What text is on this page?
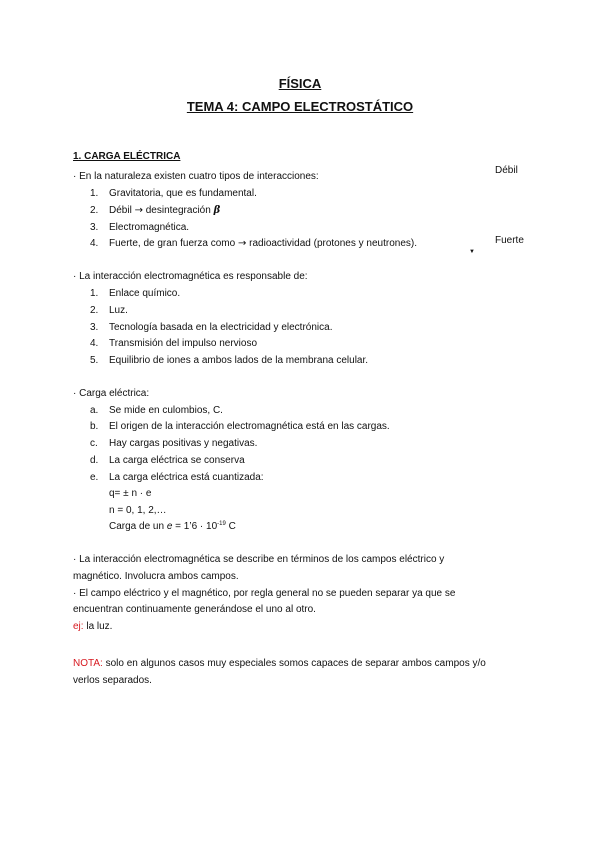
FÍSICA
TEMA 4: CAMPO ELECTROSTÁTICO
1. CARGA ELÉCTRICA
Débil
Fuerte
▼
· En la naturaleza existen cuatro tipos de interacciones:
1. Gravitatoria, que es fundamental.
2. Débil → desintegración β
3. Electromagnética.
4. Fuerte, de gran fuerza como → radioactividad (protones y neutrones).
· La interacción electromagnética es responsable de:
1. Enlace químico.
2. Luz.
3. Tecnología basada en la electricidad y electrónica.
4. Transmisión del impulso nervioso
5. Equilibrio de iones a ambos lados de la membrana celular.
· Carga eléctrica:
a. Se mide en culombios, C.
b. El origen de la interacción electromagnética está en las cargas.
c. Hay cargas positivas y negativas.
d. La carga eléctrica se conserva
e. La carga eléctrica está cuantizada:
q= ± n · e
n = 0, 1, 2,…
Carga de un e = 1’6 · $10^{-19}$ C
· La interacción electromagnética se describe en términos de los campos eléctrico y
magnético. Involucra ambos campos.
· El campo eléctrico y el magnético, por regla general no se pueden separar ya que se
encuentran continuamente generándose el uno al otro.
ej: la luz.
NOTA: solo en algunos casos muy especiales somos capaces de separar ambos campos y/o
verlos separados.
